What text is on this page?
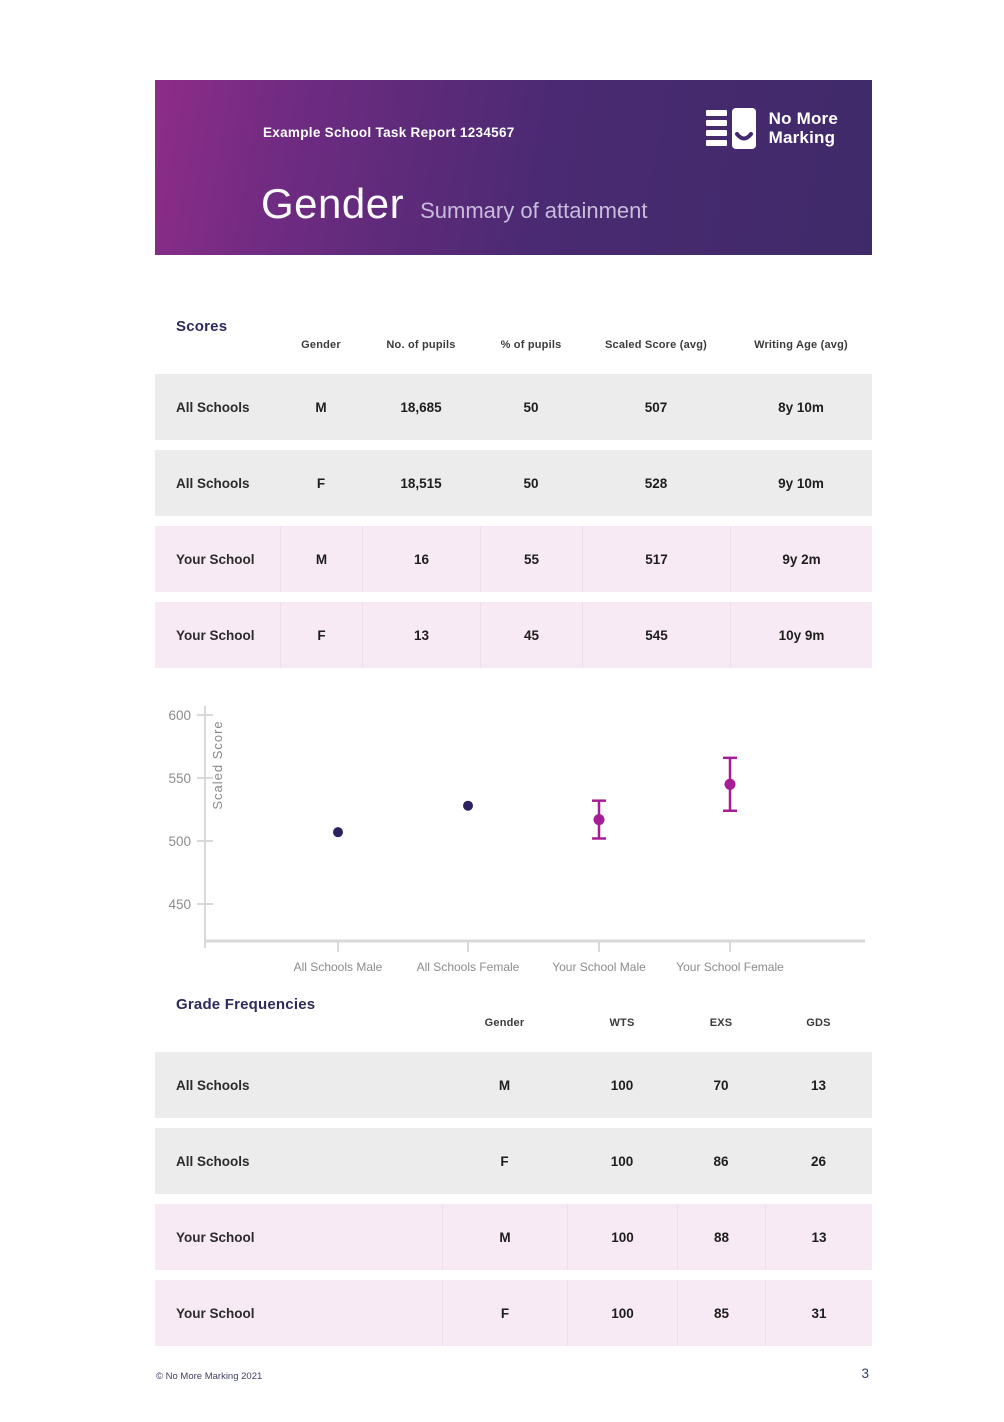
Example School Task Report 1234567
No More
Marking
Gender Summary of attainment
Scores
Gender	No. of pupils	% of pupils	Scaled Score (avg)	Writing Age (avg)
All Schools	M	18,685	50	507	8y 10m
All Schools	F	18,515	50	528	9y 10m
Your School	M	16	55	517	9y 2m
Your School	F	13	45	545	10y 9m
450
500
550
600
Scaled Score
All Schools Male	All Schools Female	Your School Male	Your School Female
Grade Frequencies
Gender	WTS	EXS	GDS
All Schools	M	100	70	13
All Schools	F	100	86	26
Your School	M	100	88	13
Your School	F	100	85	31
© No More Marking 2021	3
